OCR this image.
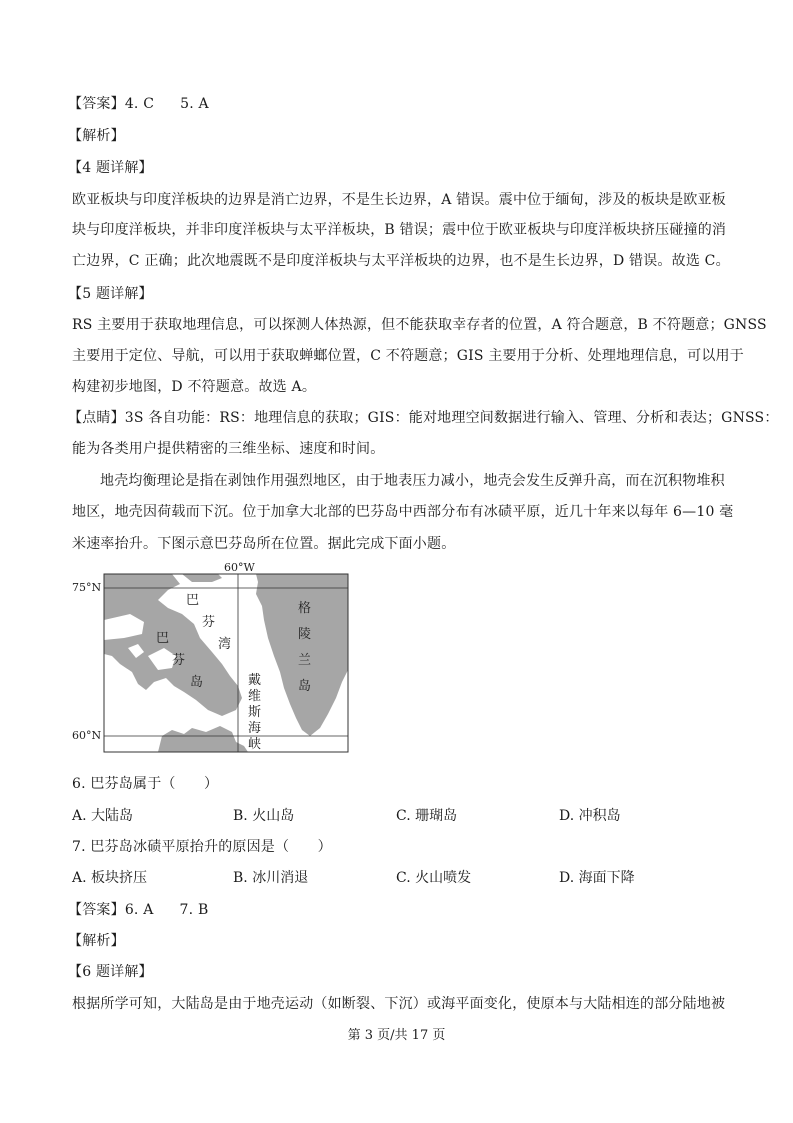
【答案】4. C 5. A
【解析】
【4 题详解】
欧亚板块与印度洋板块的边界是消亡边界，不是生长边界，A 错误。震中位于缅甸，涉及的板块是欧亚板
块与印度洋板块，并非印度洋板块与太平洋板块，B 错误；震中位于欧亚板块与印度洋板块挤压碰撞的消
亡边界，C 正确；此次地震既不是印度洋板块与太平洋板块的边界，也不是生长边界，D 错误。故选 C。
【5 题详解】
RS 主要用于获取地理信息，可以探测人体热源，但不能获取幸存者的位置，A 符合题意，B 不符题意；GNSS
主要用于定位、导航，可以用于获取蝉螂位置，C 不符题意；GIS 主要用于分析、处理地理信息，可以用于
构建初步地图，D 不符题意。故选 A。
【点睛】3S 各自功能：RS：地理信息的获取；GIS：能对地理空间数据进行输入、管理、分析和表达；GNSS：
能为各类用户提供精密的三维坐标、速度和时间。
地壳均衡理论是指在剥蚀作用强烈地区，由于地表压力减小，地壳会发生反弹升高，而在沉积物堆积
地区，地壳因荷载而下沉。位于加拿大北部的巴芬岛中西部分布有冰碛平原，近几十年来以每年 6—10 毫
米速率抬升。下图示意巴芬岛所在位置。据此完成下面小题。
75°N
60°N
60°W
巴
芬
湾
巴
芬
岛
格
陵
兰
岛
戴
维
斯
海
峡
6. 巴芬岛属于（　　）
A. 大陆岛	B. 火山岛	C. 珊瑚岛	D. 冲积岛
7. 巴芬岛冰碛平原抬升的原因是（　　）
A. 板块挤压	B. 冰川消退	C. 火山喷发	D. 海面下降
【答案】6. A 7. B
【解析】
【6 题详解】
根据所学可知，大陆岛是由于地壳运动（如断裂、下沉）或海平面变化，使原本与大陆相连的部分陆地被
第 3 页/共 17 页
